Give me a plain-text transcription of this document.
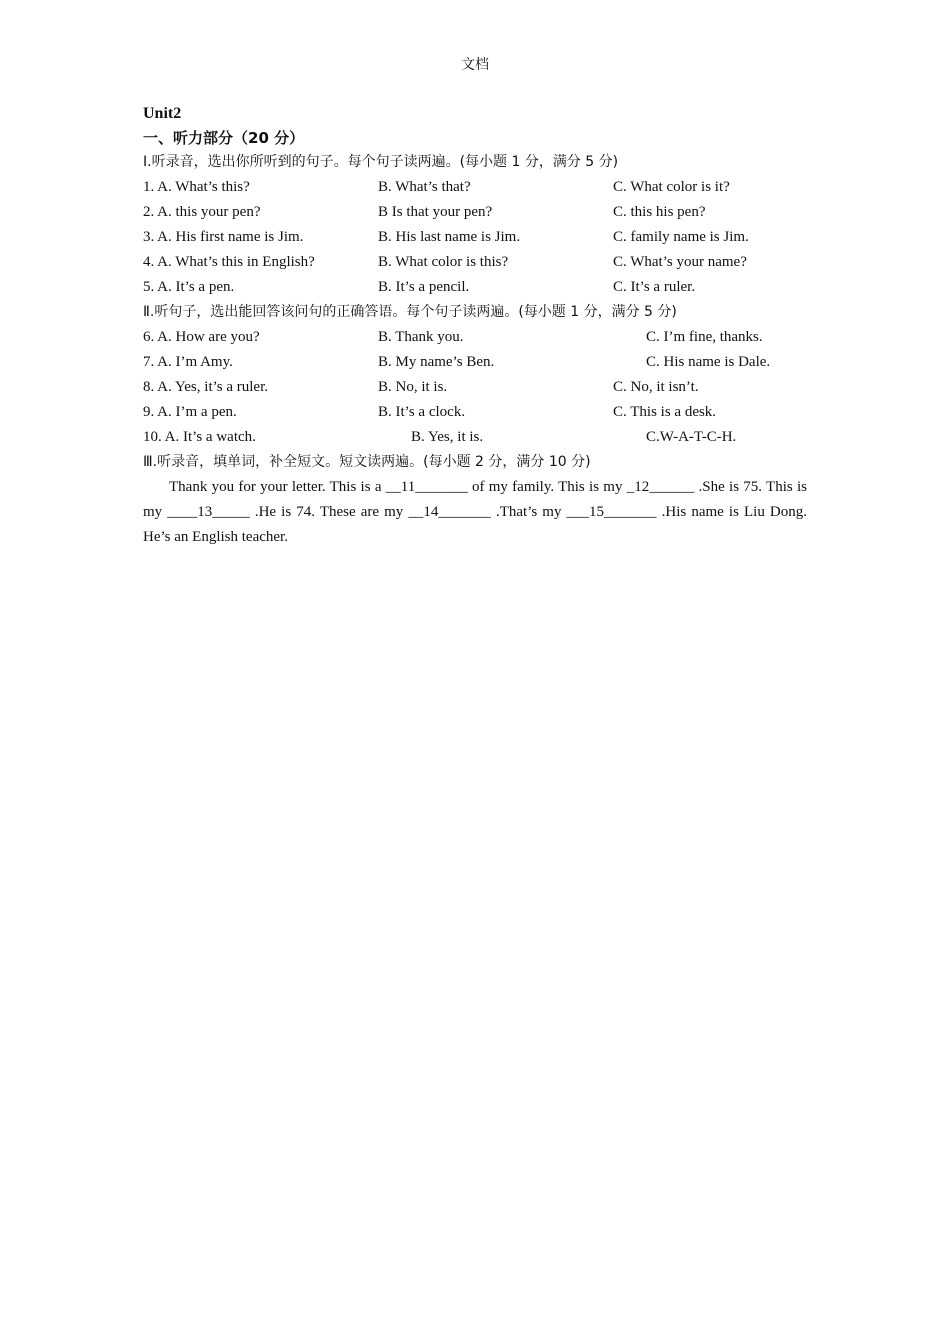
文档
Unit2
一、听力部分（20 分）
Ⅰ.听录音，选出你所听到的句子。每个句子读两遍。(每小题 1 分，满分 5 分)
1. A. What’s this?	B. What’s that?	C. What color is it?
2. A. this your pen?	B Is that your pen?	C. this his pen?
3. A. His first name is Jim.	B. His last name is Jim.	C. family name is Jim.
4. A. What’s this in English?	B. What color is this?	C. What’s your name?
5. A. It’s a pen.	B. It’s a pencil.	C. It’s a ruler.
Ⅱ.听句子，选出能回答该问句的正确答语。每个句子读两遍。(每小题 1 分，满分 5 分)
6. A. How are you?	B. Thank you.	C. I’m fine, thanks.
7. A. I’m Amy.	B. My name’s Ben.	C. His name is Dale.
8. A. Yes, it’s a ruler.	B. No, it is.	C. No, it isn’t.
9. A. I’m a pen.	B. It’s a clock.	C. This is a desk.
10. A. It’s a watch.	B. Yes, it is.	C.W-A-T-C-H.
Ⅲ.听录音，填单词，补全短文。短文读两遍。(每小题 2 分，满分 10 分)
Thank you for your letter. This is a __11_______ of my family. This is my _12______ .She is 75. This is my ____13_____ .He is 74. These are my __14_______ .That’s my ___15_______ .His name is Liu Dong. He’s an English teacher.
